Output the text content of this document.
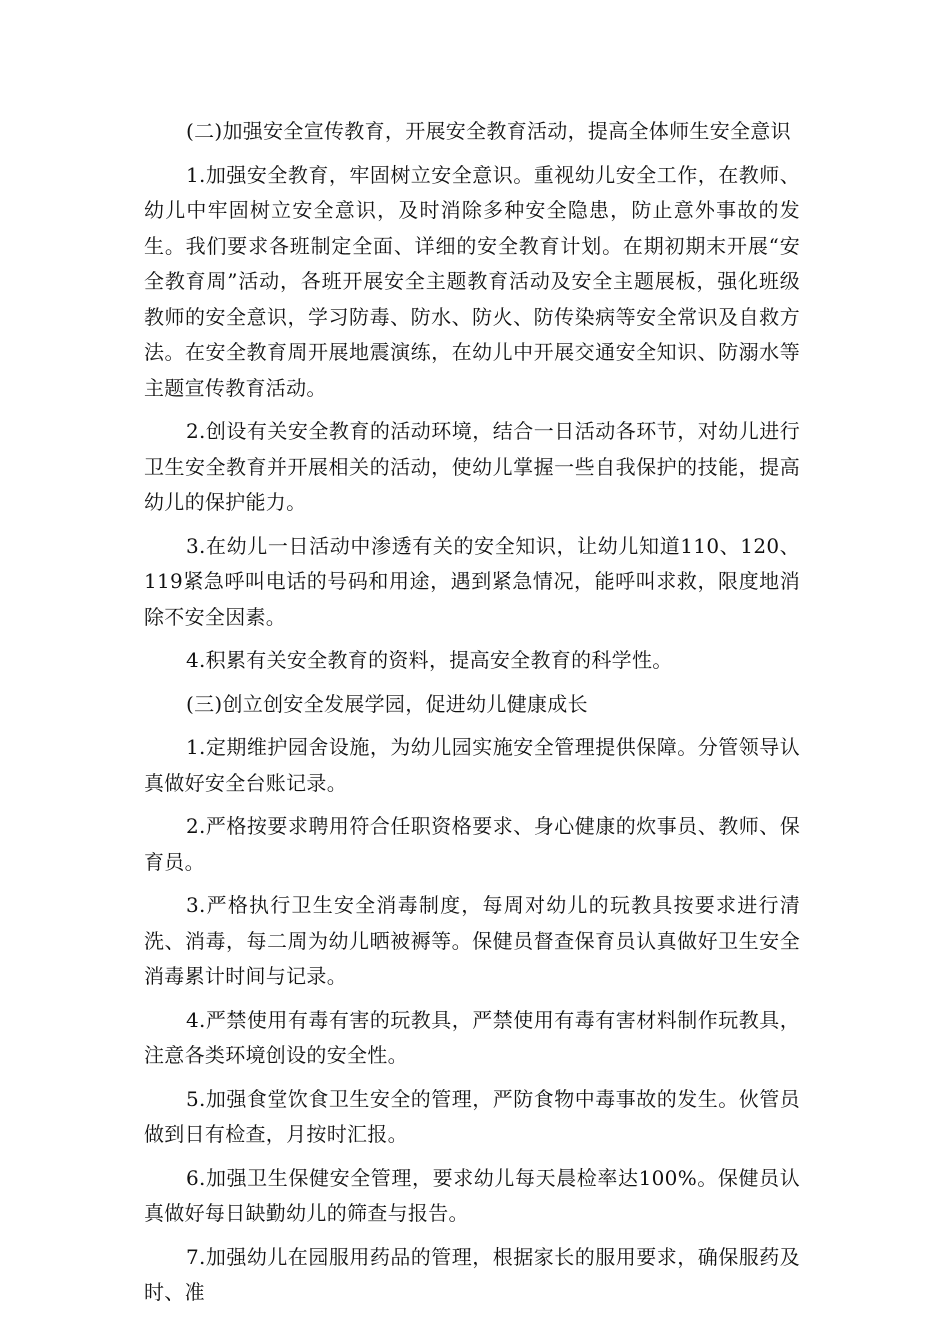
(二)加强安全宣传教育，开展安全教育活动，提高全体师生安全意识

1.加强安全教育，牢固树立安全意识。重视幼儿安全工作，在教师、幼儿中牢固树立安全意识，及时消除多种安全隐患，防止意外事故的发生。我们要求各班制定全面、详细的安全教育计划。在期初期末开展“安全教育周”活动，各班开展安全主题教育活动及安全主题展板，强化班级教师的安全意识，学习防毒、防水、防火、防传染病等安全常识及自救方法。在安全教育周开展地震演练，在幼儿中开展交通安全知识、防溺水等主题宣传教育活动。

2.创设有关安全教育的活动环境，结合一日活动各环节，对幼儿进行卫生安全教育并开展相关的活动，使幼儿掌握一些自我保护的技能，提高幼儿的保护能力。

3.在幼儿一日活动中渗透有关的安全知识，让幼儿知道110、120、119紧急呼叫电话的号码和用途，遇到紧急情况，能呼叫求救，限度地消除不安全因素。

4.积累有关安全教育的资料，提高安全教育的科学性。

(三)创立创安全发展学园，促进幼儿健康成长

1.定期维护园舍设施，为幼儿园实施安全管理提供保障。分管领导认真做好安全台账记录。

2.严格按要求聘用符合任职资格要求、身心健康的炊事员、教师、保育员。

3.严格执行卫生安全消毒制度，每周对幼儿的玩教具按要求进行清洗、消毒，每二周为幼儿晒被褥等。保健员督查保育员认真做好卫生安全消毒累计时间与记录。

4.严禁使用有毒有害的玩教具，严禁使用有毒有害材料制作玩教具，注意各类环境创设的安全性。

5.加强食堂饮食卫生安全的管理，严防食物中毒事故的发生。伙管员做到日有检查，月按时汇报。

6.加强卫生保健安全管理，要求幼儿每天晨检率达100%。保健员认真做好每日缺勤幼儿的筛查与报告。

7.加强幼儿在园服用药品的管理，根据家长的服用要求，确保服药及时、准
